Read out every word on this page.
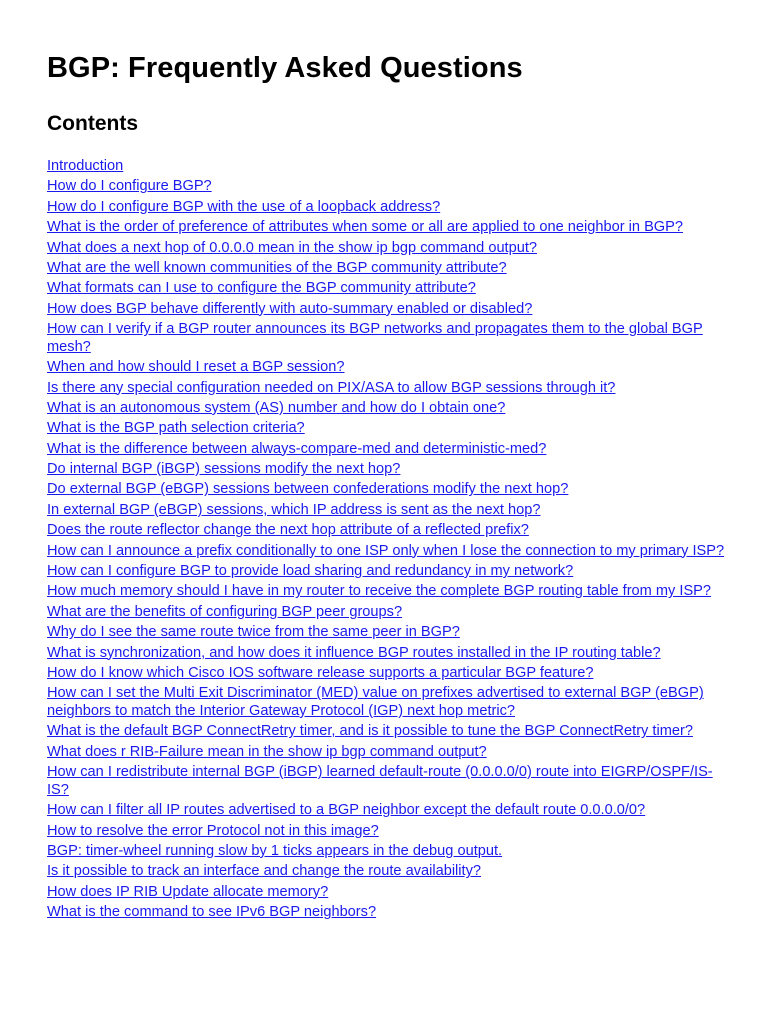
BGP: Frequently Asked Questions
Contents
Introduction
How do I configure BGP?
How do I configure BGP with the use of a loopback address?
What is the order of preference of attributes when some or all are applied to one neighbor in BGP?
What does a next hop of 0.0.0.0 mean in the show ip bgp command output?
What are the well known communities of the BGP community attribute?
What formats can I use to configure the BGP community attribute?
How does BGP behave differently with auto-summary enabled or disabled?
How can I verify if a BGP router announces its BGP networks and propagates them to the global BGP mesh?
When and how should I reset a BGP session?
Is there any special configuration needed on PIX/ASA to allow BGP sessions through it?
What is an autonomous system (AS) number and how do I obtain one?
What is the BGP path selection criteria?
What is the difference between always-compare-med and deterministic-med?
Do internal BGP (iBGP) sessions modify the next hop?
Do external BGP (eBGP) sessions between confederations modify the next hop?
In external BGP (eBGP) sessions, which IP address is sent as the next hop?
Does the route reflector change the next hop attribute of a reflected prefix?
How can I announce a prefix conditionally to one ISP only when I lose the connection to my primary ISP?
How can I configure BGP to provide load sharing and redundancy in my network?
How much memory should I have in my router to receive the complete BGP routing table from my ISP?
What are the benefits of configuring BGP peer groups?
Why do I see the same route twice from the same peer in BGP?
What is synchronization, and how does it influence BGP routes installed in the IP routing table?
How do I know which Cisco IOS software release supports a particular BGP feature?
How can I set the Multi Exit Discriminator (MED) value on prefixes advertised to external BGP (eBGP) neighbors to match the Interior Gateway Protocol (IGP) next hop metric?
What is the default BGP ConnectRetry timer, and is it possible to tune the BGP ConnectRetry timer?
What does r RIB-Failure mean in the show ip bgp command output?
How can I redistribute internal BGP (iBGP) learned default-route (0.0.0.0/0) route into EIGRP/OSPF/IS-IS?
How can I filter all IP routes advertised to a BGP neighbor except the default route 0.0.0.0/0?
How to resolve the error Protocol not in this image?
BGP: timer-wheel running slow by 1 ticks appears in the debug output.
Is it possible to track an interface and change the route availability?
How does IP RIB Update allocate memory?
What is the command to see IPv6 BGP neighbors?
